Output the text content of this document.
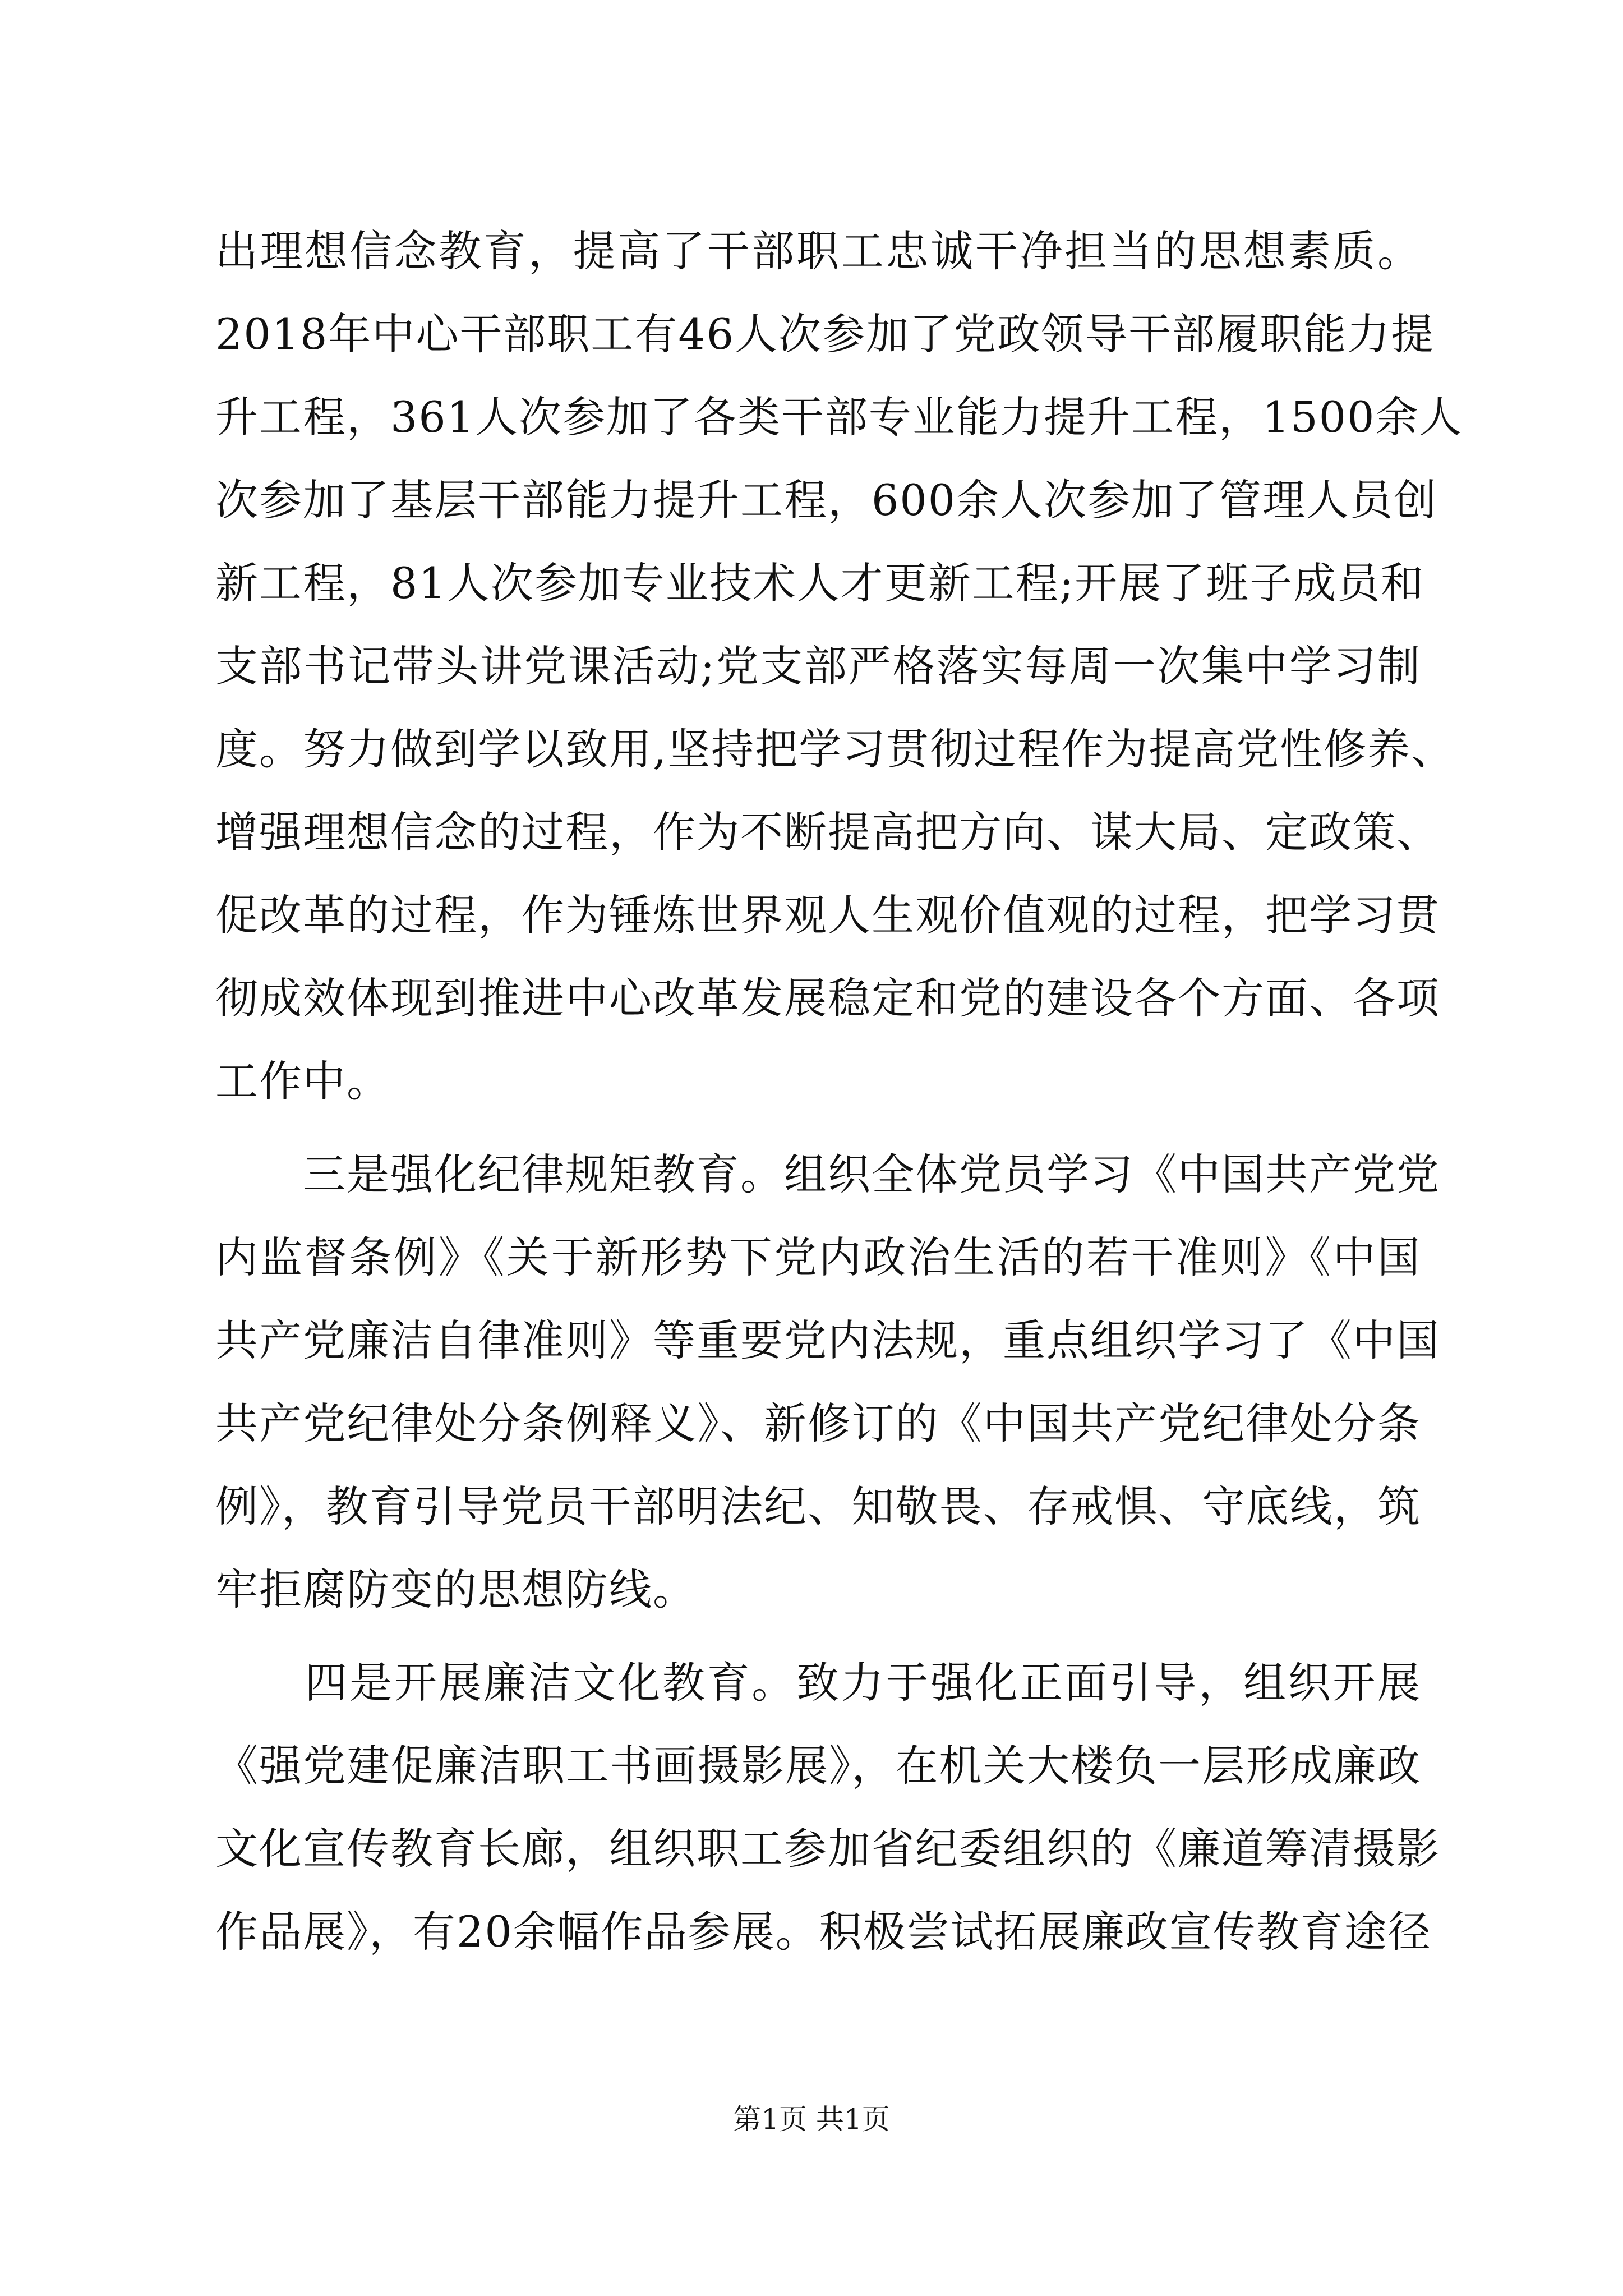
出理想信念教育，提高了干部职工忠诚干净担当的思想素质。
2018年中心干部职工有46人次参加了党政领导干部履职能力提
升工程，361人次参加了各类干部专业能力提升工程，1500余人
次参加了基层干部能力提升工程，600余人次参加了管理人员创
新工程，81人次参加专业技术人才更新工程;开展了班子成员和
支部书记带头讲党课活动;党支部严格落实每周一次集中学习制
度。努力做到学以致用,坚持把学习贯彻过程作为提高党性修养、
增强理想信念的过程，作为不断提高把方向、谋大局、定政策、
促改革的过程，作为锤炼世界观人生观价值观的过程，把学习贯
彻成效体现到推进中心改革发展稳定和党的建设各个方面、各项
工作中。
　　三是强化纪律规矩教育。组织全体党员学习《中国共产党党
内监督条例》《关于新形势下党内政治生活的若干准则》《中国
共产党廉洁自律准则》等重要党内法规，重点组织学习了《中国
共产党纪律处分条例释义》、新修订的《中国共产党纪律处分条
例》，教育引导党员干部明法纪、知敬畏、存戒惧、守底线，筑
牢拒腐防变的思想防线。
　　四是开展廉洁文化教育。致力于强化正面引导，组织开展
《强党建促廉洁职工书画摄影展》，在机关大楼负一层形成廉政
文化宣传教育长廊，组织职工参加省纪委组织的《廉道筹清摄影
作品展》，有20余幅作品参展。积极尝试拓展廉政宣传教育途径
第1页 共1页
